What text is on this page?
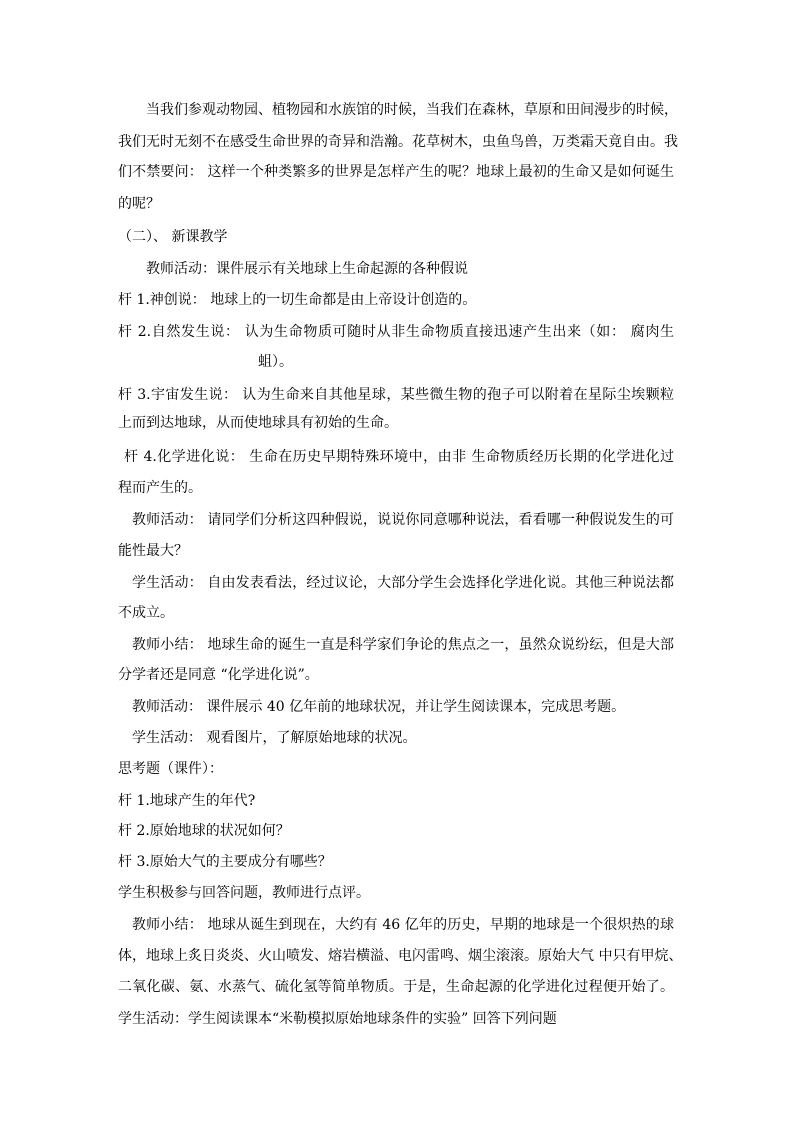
当我们参观动物园、植物园和水族馆的时候，当我们在森林，草原和田间漫步的时候，
我们无时无刻不在感受生命世界的奇异和浩瀚。花草树木，虫鱼鸟兽，万类霜天竟自由。我
们不禁要问： 这样一个种类繁多的世界是怎样产生的呢？地球上最初的生命又是如何诞生
的呢？
（二）、 新课教学
教师活动：课件展示有关地球上生命起源的各种假说
杆 1.神创说： 地球上的一切生命都是由上帝设计创造的。
杆 2.自然发生说： 认为生命物质可随时从非生命物质直接迅速产生出来（如： 腐肉生
蛆）。
杆 3.宇宙发生说： 认为生命来自其他星球，某些微生物的孢子可以附着在星际尘埃颗粒
上而到达地球，从而使地球具有初始的生命。
杆 4.化学进化说： 生命在历史早期特殊环境中，由非 生命物质经历长期的化学进化过
程而产生的。
教师活动： 请同学们分析这四种假说，说说你同意哪种说法，看看哪一种假说发生的可
能性最大？
学生活动： 自由发表看法，经过议论，大部分学生会选择化学进化说。其他三种说法都
不成立。
教师小结： 地球生命的诞生一直是科学家们争论的焦点之一，虽然众说纷纭，但是大部
分学者还是同意 “化学进化说”。
教师活动： 课件展示 40 亿年前的地球状况，并让学生阅读课本，完成思考题。
学生活动： 观看图片，了解原始地球的状况。
思考题（课件）：
杆 1.地球产生的年代?
杆 2.原始地球的状况如何？
杆 3.原始大气的主要成分有哪些？
学生积极参与回答问题，教师进行点评。
教师小结： 地球从诞生到现在，大约有 46 亿年的历史，早期的地球是一个很炽热的球
体，地球上炙日炎炎、火山喷发、熔岩横溢、电闪雷鸣、烟尘滚滚。原始大气 中只有甲烷、
二氧化碳、氨、水蒸气、硫化氢等简单物质。于是，生命起源的化学进化过程便开始了。
学生活动：学生阅读课本“米勒模拟原始地球条件的实验” 回答下列问题
